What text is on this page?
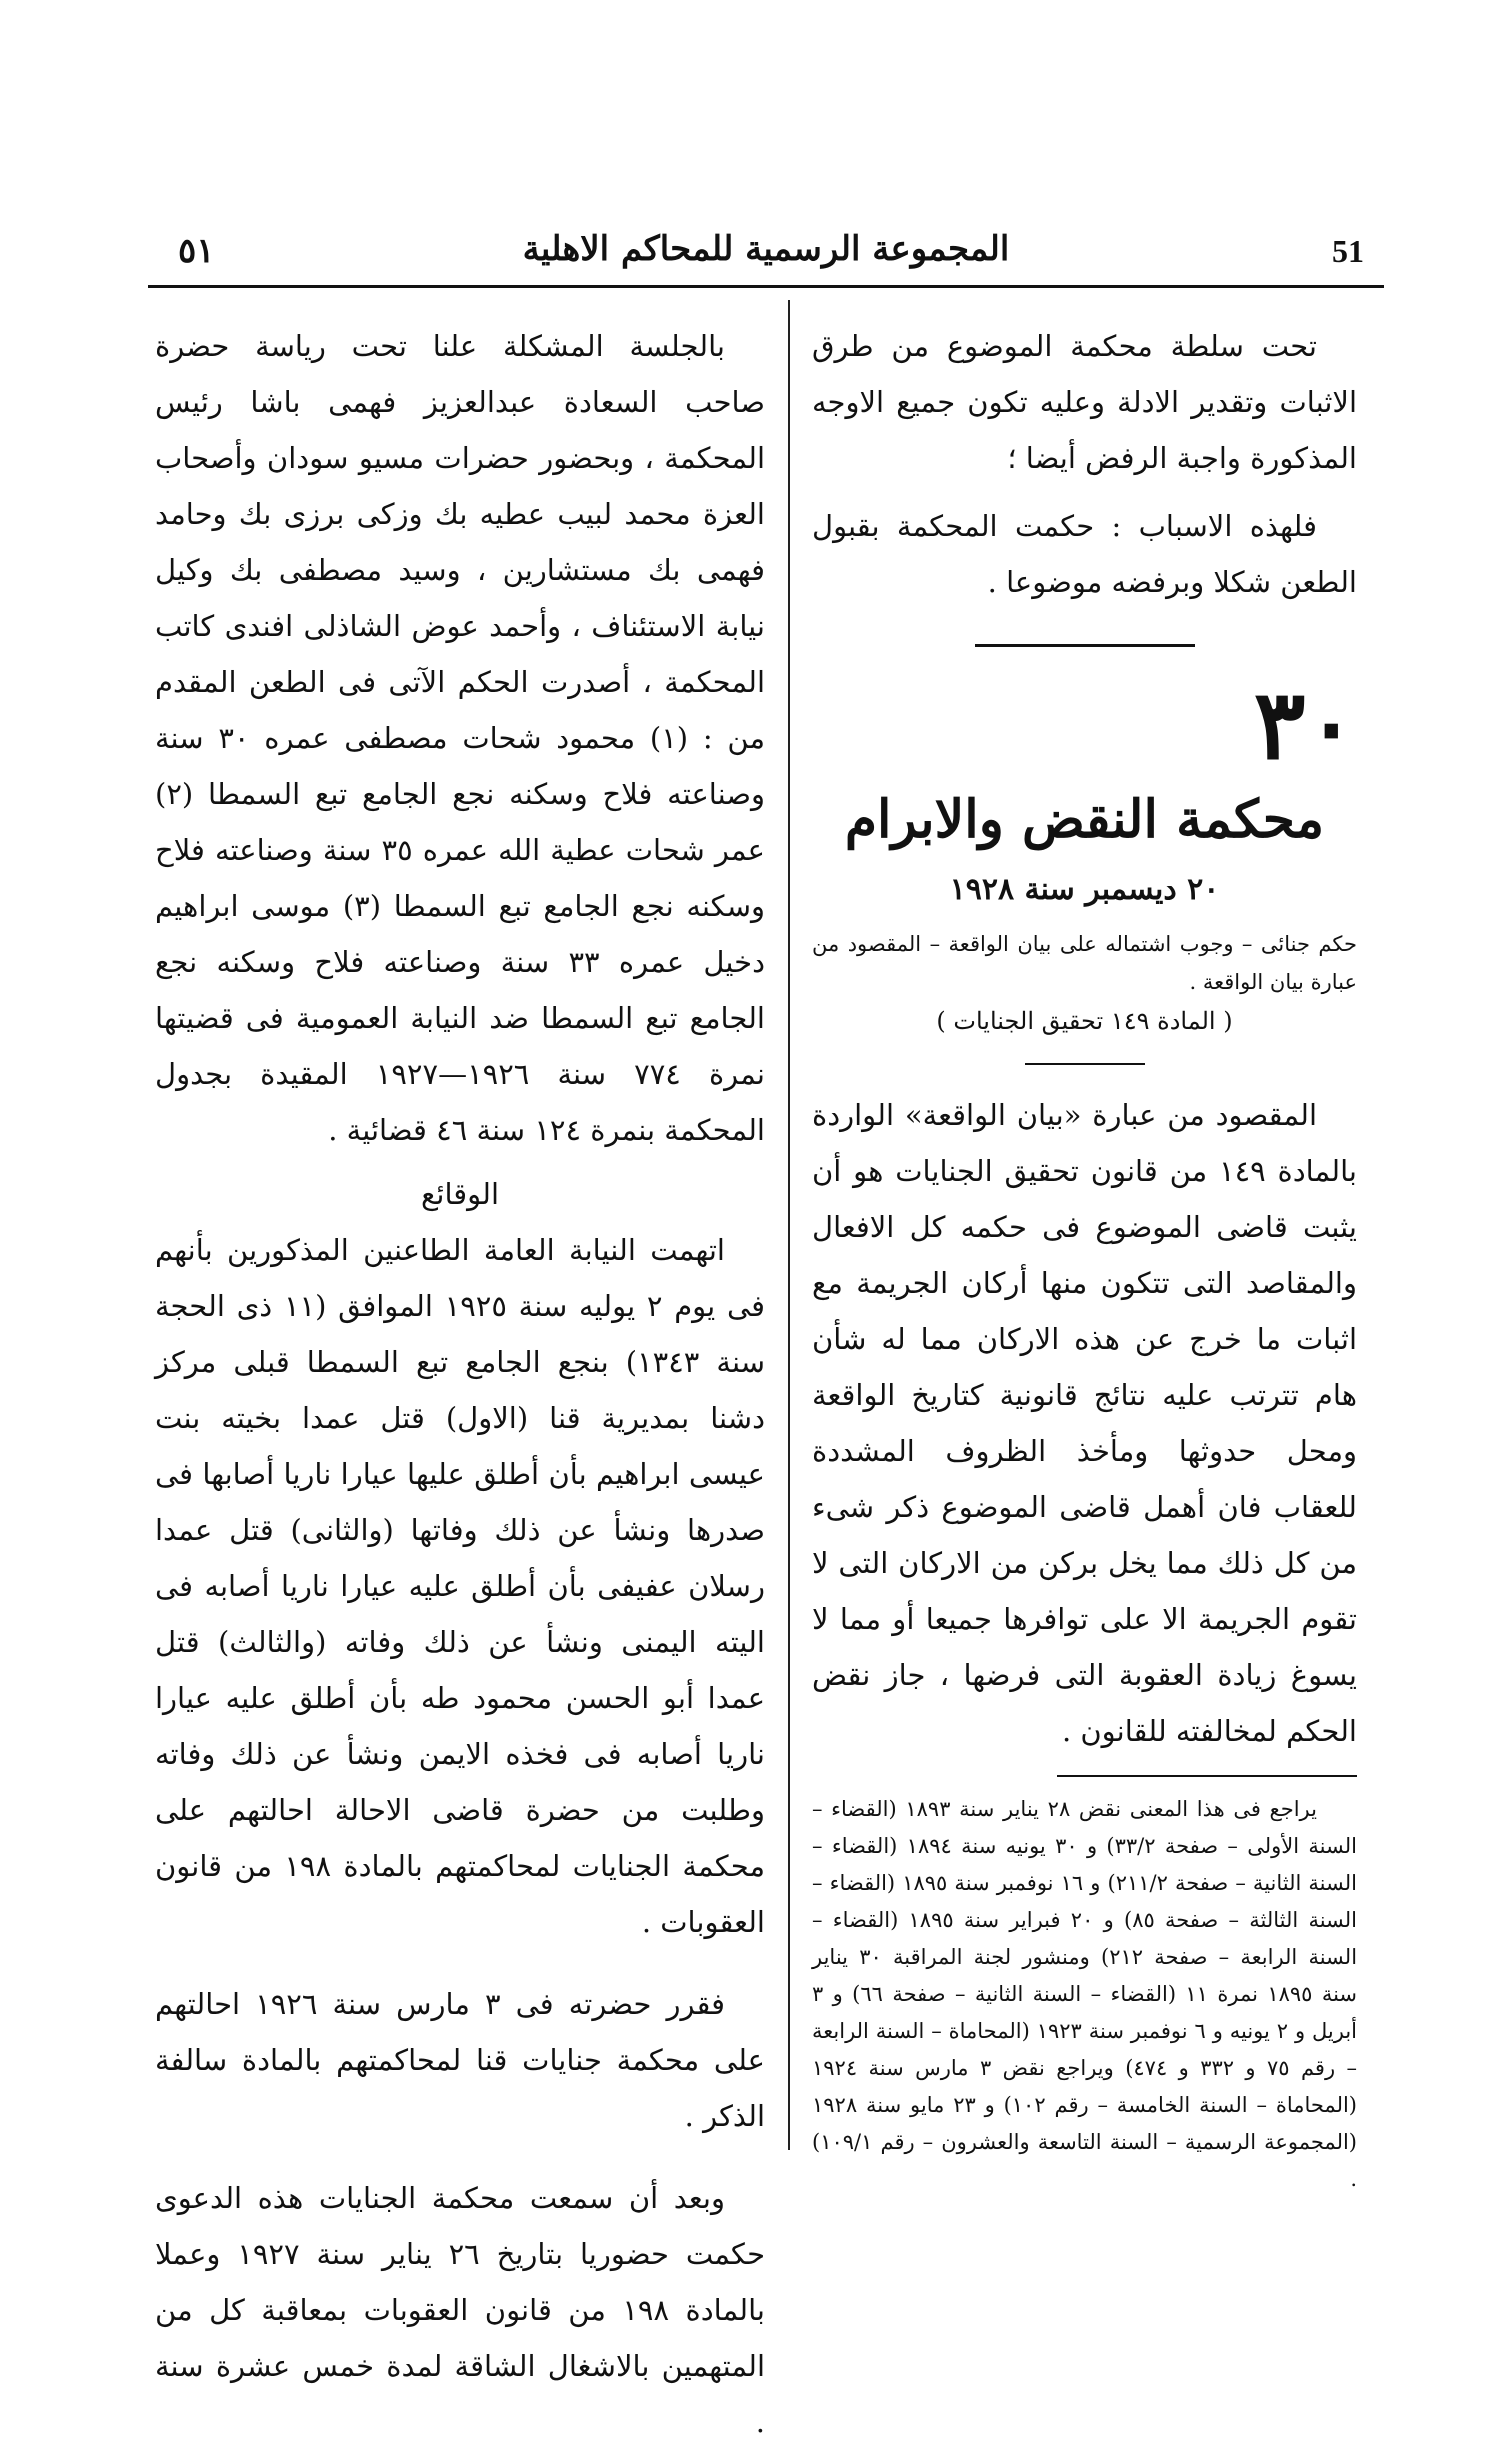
٥١	المجموعة الرسمية للمحاكم الاهلية	51

تحت سلطة محكمة الموضوع من طرق الاثبات وتقدير الادلة وعليه تكون جميع الاوجه المذكورة واجبة الرفض أيضا ؛

فلهذه الاسباب : حكمت المحكمة بقبول الطعن شكلا وبرفضه موضوعا .

٣٠
محكمة النقض والابرام
٢٠ ديسمبر سنة ١٩٢٨

حكم جنائى – وجوب اشتماله على بيان الواقعة – المقصود من عبارة بيان الواقعة .

( المادة ١٤٩ تحقيق الجنايات )

المقصود من عبارة «بيان الواقعة» الواردة بالمادة ١٤٩ من قانون تحقيق الجنايات هو أن يثبت قاضى الموضوع فى حكمه كل الافعال والمقاصد التى تتكون منها أركان الجريمة مع اثبات ما خرج عن هذه الاركان مما له شأن هام تترتب عليه نتائج قانونية كتاريخ الواقعة ومحل حدوثها ومأخذ الظروف المشددة للعقاب فان أهمل قاضى الموضوع ذكر شىء من كل ذلك مما يخل بركن من الاركان التى لا تقوم الجريمة الا على توافرها جميعا أو مما لا يسوغ زيادة العقوبة التى فرضها ، جاز نقض الحكم لمخالفته للقانون .

يراجع فى هذا المعنى نقض ٢٨ يناير سنة ١٨٩٣ (القضاء – السنة الأولى – صفحة ٣٣/٢) و ٣٠ يونيه سنة ١٨٩٤ (القضاء – السنة الثانية – صفحة ٢١١/٢) و ١٦ نوفمبر سنة ١٨٩٥ (القضاء – السنة الثالثة – صفحة ٨٥) و ٢٠ فبراير سنة ١٨٩٥ (القضاء – السنة الرابعة – صفحة ٢١٢) ومنشور لجنة المراقبة ٣٠ يناير سنة ١٨٩٥ نمرة ١١ (القضاء – السنة الثانية – صفحة ٦٦) و ٣ أبريل و ٢ يونيه و ٦ نوفمبر سنة ١٩٢٣ (المحاماة – السنة الرابعة – رقم ٧٥ و ٣٣٢ و ٤٧٤) ويراجع نقض ٣ مارس سنة ١٩٢٤ (المحاماة – السنة الخامسة – رقم ١٠٢) و ٢٣ مايو سنة ١٩٢٨ (المجموعة الرسمية – السنة التاسعة والعشرون – رقم ١٠٩/١) .

بالجلسة المشكلة علنا تحت رياسة حضرة صاحب السعادة عبدالعزيز فهمى باشا رئيس المحكمة ، وبحضور حضرات مسيو سودان وأصحاب العزة محمد لبيب عطيه بك وزكى برزى بك وحامد فهمى بك مستشارين ، وسيد مصطفى بك وكيل نيابة الاستئناف ، وأحمد عوض الشاذلى افندى كاتب المحكمة ، أصدرت الحكم الآتى فى الطعن المقدم من : (١) محمود شحات مصطفى عمره ٣٠ سنة وصناعته فلاح وسكنه نجع الجامع تبع السمطا (٢) عمر شحات عطية الله عمره ٣٥ سنة وصناعته فلاح وسكنه نجع الجامع تبع السمطا (٣) موسى ابراهيم دخيل عمره ٣٣ سنة وصناعته فلاح وسكنه نجع الجامع تبع السمطا ضد النيابة العمومية فى قضيتها نمرة ٧٧٤ سنة ١٩٢٦—١٩٢٧ المقيدة بجدول المحكمة بنمرة ١٢٤ سنة ٤٦ قضائية .

الوقائع

اتهمت النيابة العامة الطاعنين المذكورين بأنهم فى يوم ٢ يوليه سنة ١٩٢٥ الموافق (١١ ذى الحجة سنة ١٣٤٣) بنجع الجامع تبع السمطا قبلى مركز دشنا بمديرية قنا (الاول) قتل عمدا بخيته بنت عيسى ابراهيم بأن أطلق عليها عيارا ناريا أصابها فى صدرها ونشأ عن ذلك وفاتها (والثانى) قتل عمدا رسلان عفيفى بأن أطلق عليه عيارا ناريا أصابه فى اليته اليمنى ونشأ عن ذلك وفاته (والثالث) قتل عمدا أبو الحسن محمود طه بأن أطلق عليه عيارا ناريا أصابه فى فخذه الايمن ونشأ عن ذلك وفاته وطلبت من حضرة قاضى الاحالة احالتهم على محكمة الجنايات لمحاكمتهم بالمادة ١٩٨ من قانون العقوبات .

فقرر حضرته فى ٣ مارس سنة ١٩٢٦ احالتهم على محكمة جنايات قنا لمحاكمتهم بالمادة سالفة الذكر .

وبعد أن سمعت محكمة الجنايات هذه الدعوى حكمت حضوريا بتاريخ ٢٦ يناير سنة ١٩٢٧ وعملا بالمادة ١٩٨ من قانون العقوبات بمعاقبة كل من المتهمين بالاشغال الشاقة لمدة خمس عشرة سنة .
